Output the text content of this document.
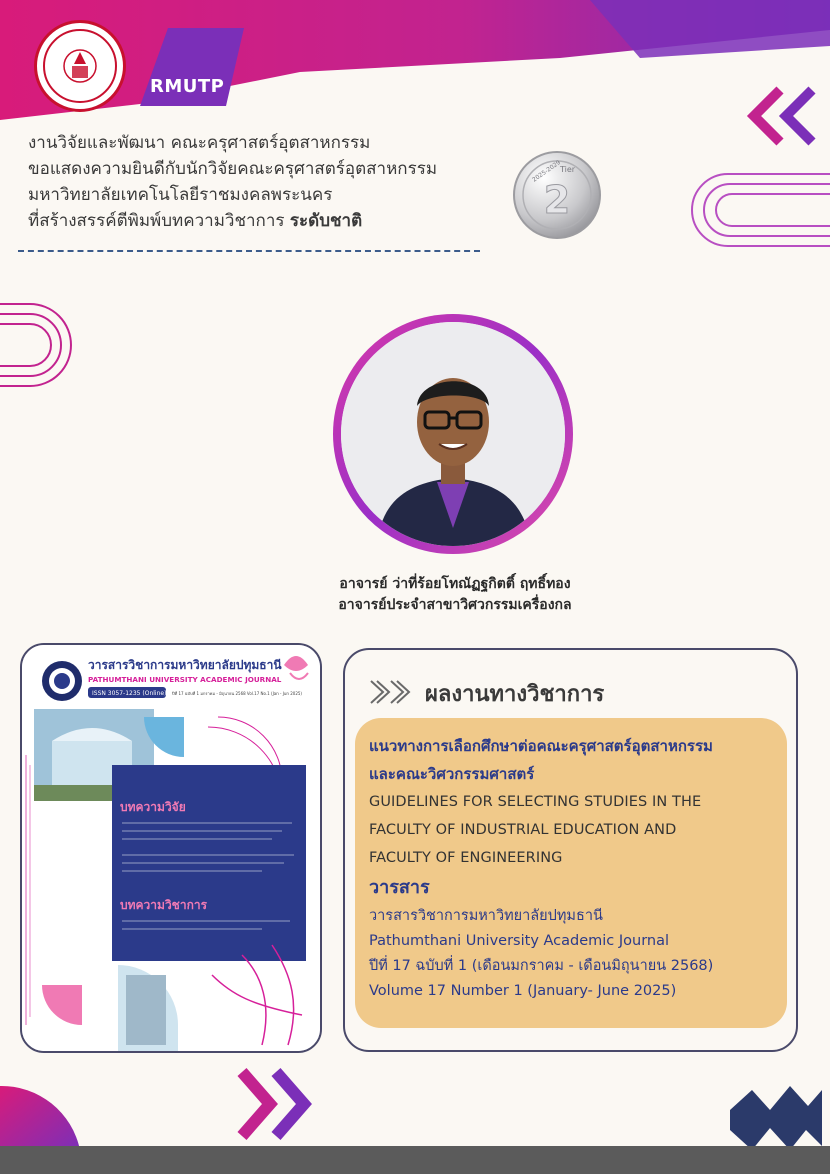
RMUTP

งานวิจัยและพัฒนา คณะครุศาสตร์อุตสาหกรรม

ขอแสดงความยินดีกับนักวิจัยคณะครุศาสตร์อุตสาหกรรม

มหาวิทยาลัยเทคโนโลยีราชมงคลพระนคร

ที่สร้างสรรค์ตีพิมพ์บทความวิชาการ ระดับชาติ

Tier
2
2025-2029
อาจารย์ ว่าที่ร้อยโทณัฏฐกิตติ์ ฤทธิ์ทอง
อาจารย์ประจำสาขาวิศวกรรมเครื่องกล
วารสารวิชาการมหาวิทยาลัยปทุมธานี
PATHUMTHANI UNIVERSITY ACADEMIC JOURNAL
ISSN 3057-1235 (Online) ปีที่ 17 ฉบับที่ 1 มกราคม - มิถุนายน 2568 Vol.17 No.1 (Jan - Jun 2025)
บทความวิจัย
บทความวิชาการ
ผลงานทางวิชาการ
แนวทางการเลือกศึกษาต่อคณะครุศาสตร์อุตสาหกรรม
และคณะวิศวกรรมศาสตร์
GUIDELINES FOR SELECTING STUDIES IN THE
FACULTY OF INDUSTRIAL EDUCATION AND
FACULTY OF ENGINEERING
วารสาร
วารสารวิชาการมหาวิทยาลัยปทุมธานี
Pathumthani University Academic Journal
ปีที่ 17 ฉบับที่ 1 (เดือนมกราคม - เดือนมิถุนายน 2568)
Volume 17 Number 1 (January- June 2025)
